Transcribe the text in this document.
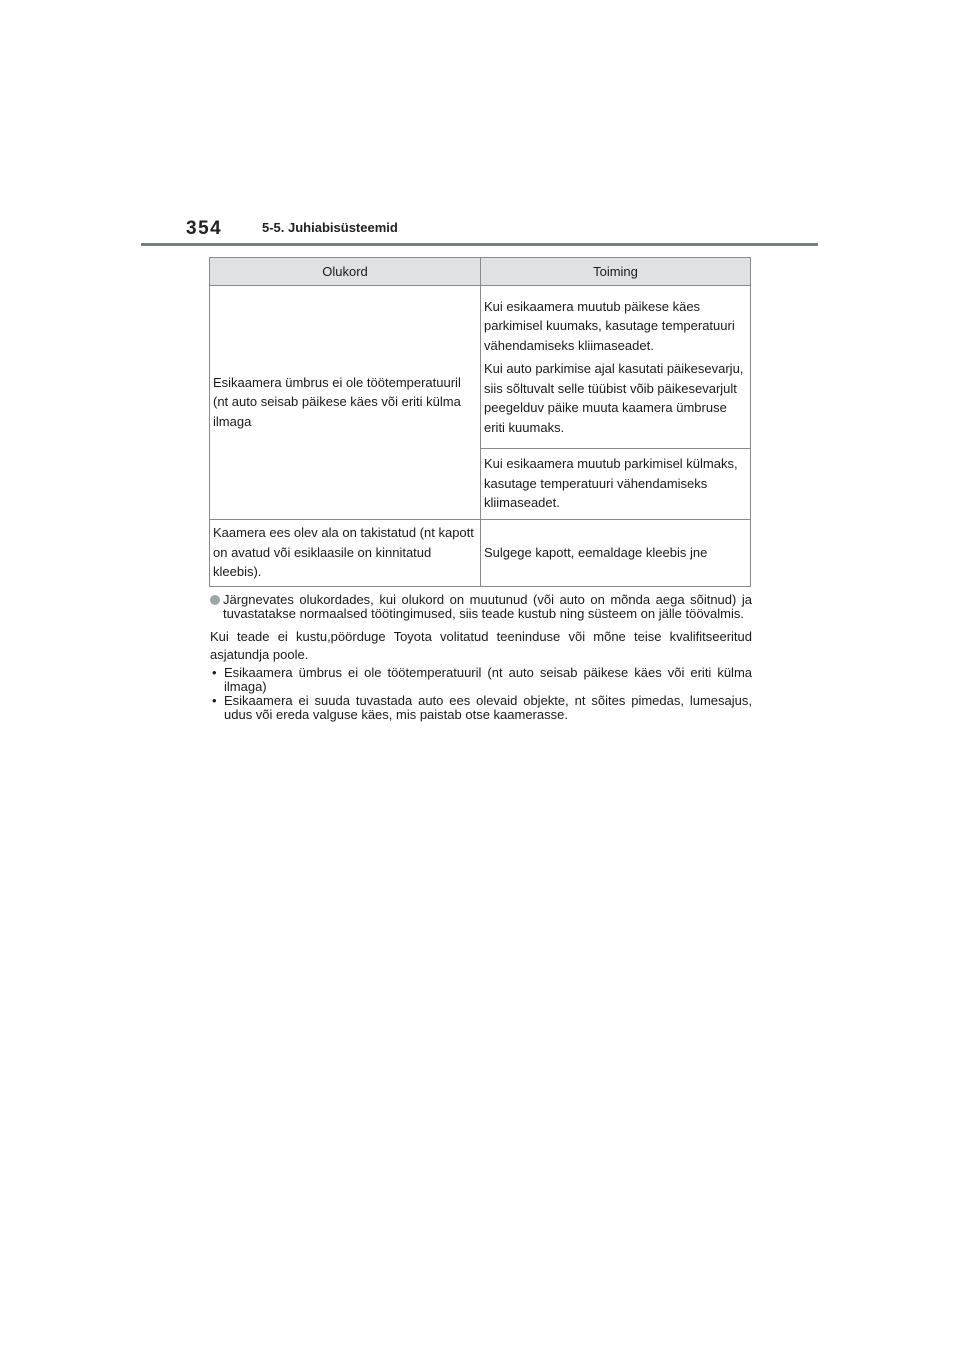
354	5-5. Juhiabisüsteemid
Olukord	Toiming
Esikaamera ümbrus ei ole töötemperatuuril (nt auto seisab päikese käes või eriti külma ilmaga	Kui esikaamera muutub päikese käes parkimisel kuumaks, kasutage temperatuuri vähendamiseks kliimaseadet.

Kui auto parkimise ajal kasutati päikesevarju, siis sõltuvalt selle tüübist võib päikesevarjult peegelduv päike muuta kaamera ümbruse eriti kuumaks.

	Kui esikaamera muutub parkimisel külmaks, kasutage temperatuuri vähendamiseks kliimaseadet.
Kaamera ees olev ala on takistatud (nt kapott on avatud või esiklaasile on kinnitatud kleebis).	Sulgege kapott, eemaldage kleebis jne
Järgnevates olukordades, kui olukord on muutunud (või auto on mõnda aega sõitnud) ja tuvastatakse normaalsed töötingimused, siis teade kustub ning süsteem on jälle töövalmis.
Kui teade ei kustu,pöörduge Toyota volitatud teeninduse või mõne teise kvalifitseeritud asjatundja poole.
• Esikaamera ümbrus ei ole töötemperatuuril (nt auto seisab päikese käes või eriti külma ilmaga)
• Esikaamera ei suuda tuvastada auto ees olevaid objekte, nt sõites pimedas, lumesajus, udus või ereda valguse käes, mis paistab otse kaamerasse.
